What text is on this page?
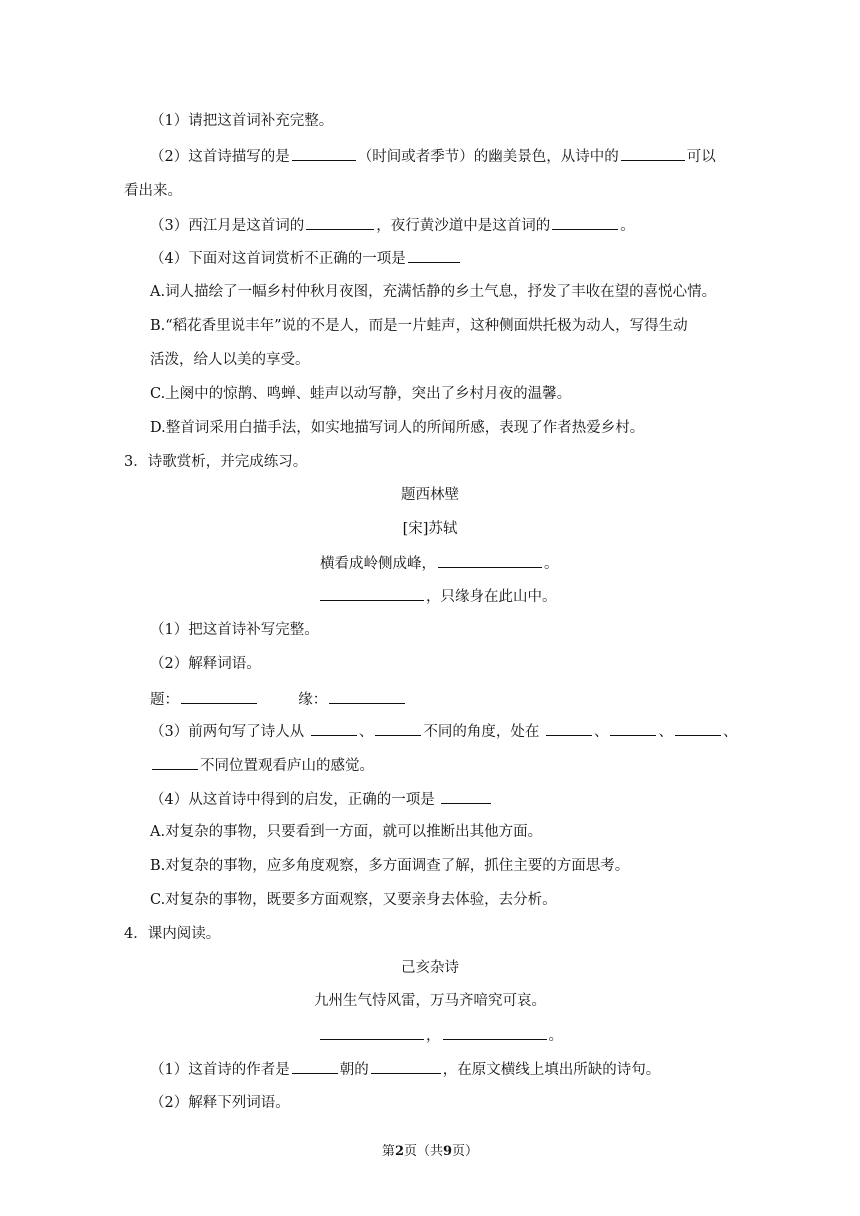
（1）请把这首词补充完整。
（2）这首诗描写的是	（时间或者季节）的幽美景色，从诗中的	可以
看出来。
（3）西江月是这首词的	，夜行黄沙道中是这首词的	。
（4）下面对这首词赏析不正确的一项是
A.词人描绘了一幅乡村仲秋月夜图，充满恬静的乡土气息，抒发了丰收在望的喜悦心情。
B.“稻花香里说丰年”说的不是人，而是一片蛙声，这种侧面烘托极为动人，写得生动
活泼，给人以美的享受。
C.上阕中的惊鹊、鸣蝉、蛙声以动写静，突出了乡村月夜的温馨。
D.整首词采用白描手法，如实地描写词人的所闻所感，表现了作者热爱乡村。
3．诗歌赏析，并完成练习。
题西林壁
[宋]苏轼
横看成岭侧成峰，	。
，只缘身在此山中。
（1）把这首诗补写完整。
（2）解释词语。
题：	缘：
（3）前两句写了诗人从	、	不同的角度，处在	、	、	、
不同位置观看庐山的感觉。
（4）从这首诗中得到的启发，正确的一项是
A.对复杂的事物，只要看到一方面，就可以推断出其他方面。
B.对复杂的事物，应多角度观察，多方面调查了解，抓住主要的方面思考。
C.对复杂的事物，既要多方面观察，又要亲身去体验，去分析。
4．课内阅读。
己亥杂诗
九州生气恃风雷，万马齐喑究可哀。
，	。
（1）这首诗的作者是	朝的	，在原文横线上填出所缺的诗句。
（2）解释下列词语。
第2页（共9页）
